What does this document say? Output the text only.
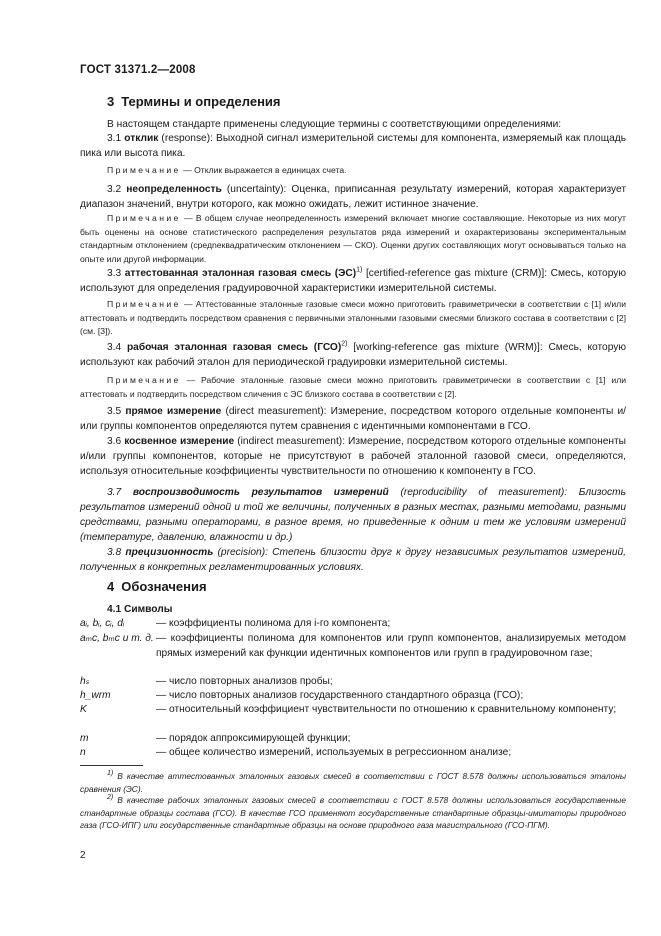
ГОСТ 31371.2—2008
3 Термины и определения
В настоящем стандарте применены следующие термины с соответствующими определениями:
3.1 отклик (response): Выходной сигнал измерительной системы для компонента, измеряемый как площадь пика или высота пика.
Примечание — Отклик выражается в единицах счета.
3.2 неопределенность (uncertainty): Оценка, приписанная результату измерений, которая характеризует диапазон значений, внутри которого, как можно ожидать, лежит истинное значение.
Примечание — В общем случае неопределенность измерений включает многие составляющие. Некоторые из них могут быть оценены на основе статистического распределения результатов ряда измерений и охарактеризованы экспериментальным стандартным отклонением (средneквадратическим отклонением — СКО). Оценки других составляющих могут основываться только на опыте или другой информации.
3.3 аттестованная эталонная газовая смесь (ЭС)$^{1)}$ [certified-reference gas mixture (CRM)]: Смесь, которую используют для определения градуировочной характеристики измерительной системы.
Примечание — Аттестованные эталонные газовые смеси можно приготовить гравиметрически в соответствии с [1] и/или аттестовать и подтвердить посредством сравнения с первичными эталонными газовыми смесями близкого состава в соответствии с [2] (см. [3]).
3.4 рабочая эталонная газовая смесь (ГСО)$^{2)}$ [working-reference gas mixture (WRM)]: Смесь, которую используют как рабочий эталон для периодической градуировки измерительной системы.
Примечание — Рабочие эталонные газовые смеси можно приготовить гравиметрически в соответствии с [1] или аттестовать и подтвердить посредством сличения с ЭС близкого состава в соответствии с [2].
3.5 прямое измерение (direct measurement): Измерение, посредством которого отдельные компоненты и/или группы компонентов определяются путем сравнения с идентичными компонентами в ГСО.
3.6 косвенное измерение (indirect measurement): Измерение, посредством которого отдельные компоненты и/или группы компонентов, которые не присутствуют в рабочей эталонной газовой смеси, определяются, используя относительные коэффициенты чувствительности по отношению к компоненту в ГСО.
3.7 воспроизводимость результатов измерений (reproducibility of measurement): Близость результатов измерений одной и той же величины, полученных в разных местах, разными методами, разными средствами, разными операторами, в разное время, но приведенные к одним и тем же условиям измерений (температуре, давлению, влажности и др.)
3.8 прецизионность (precision): Степень близости друг к другу независимых результатов измерений, полученных в конкретных регламентированных условиях.
4 Обозначения
4.1 Символы
aᵢ, bᵢ, cᵢ, dᵢ	— коэффициенты полинома для i-го компонента;
aₘc, bₘc и т. д. — коэффициенты полинома для компонентов или групп компонентов, анализируемых методом прямых измерений как функции идентичных компонентов или групп в градуировочном газе;
hₛ	— число повторных анализов пробы;
h_wrm	— число повторных анализов государственного стандартного образца (ГСО);
K	— относительный коэффициент чувствительности по отношению к сравнительному компоненту;
m	— порядок аппроксимирующей функции;
n	— общее количество измерений, используемых в регрессионном анализе;
$^{1)}$ В качестве аттестованных эталонных газовых смесей в соответствии с ГОСТ 8.578 должны использоваться эталоны сравнения (ЭС).
$^{2)}$ В качестве рабочих эталонных газовых смесей в соответствии с ГОСТ 8.578 должны использоваться государственные стандартные образцы состава (ГСО). В качестве ГСО применяют государственные стандартные образцы-имитаторы природного газа (ГСО-ИПГ) или государственные стандартные образцы на основе природного газа магистрального (ГСО-ПГМ).
2
